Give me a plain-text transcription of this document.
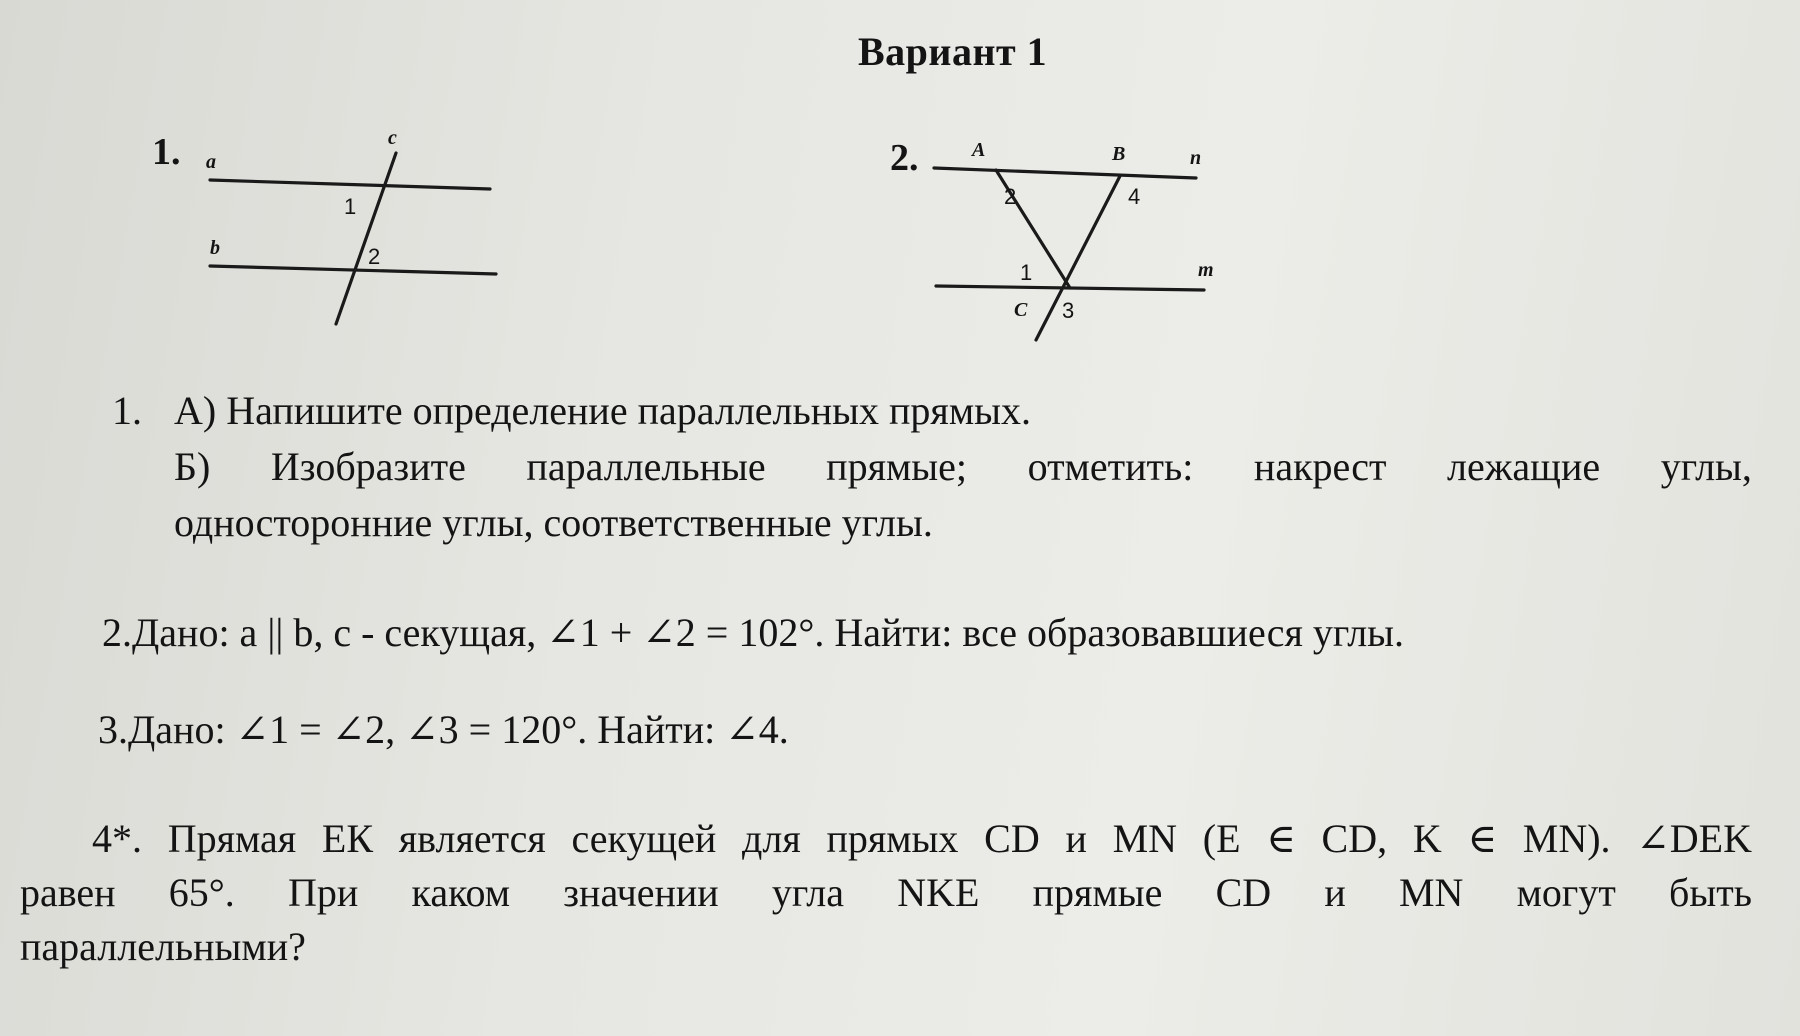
Вариант 1
1. a
b
c
1
2
2.	A	B	n
m
C
2	4
1
3
1. А) Напишите определение параллельных прямых.
Б) Изобразите параллельные прямые; отметить: накрест лежащие углы,
односторонние углы, соответственные углы.
2.Дано: a || b, c - секущая, ∠1 + ∠2 = 102°. Найти: все образовавшиеся углы.
3.Дано: ∠1 = ∠2, ∠3 = 120°. Найти: ∠4.
4*. Прямая ЕК является секущей для прямых CD и MN (E ∈ CD, K ∈ MN). ∠DEK
равен 65°. При каком значении угла NKE прямые CD и MN могут быть
параллельными?
